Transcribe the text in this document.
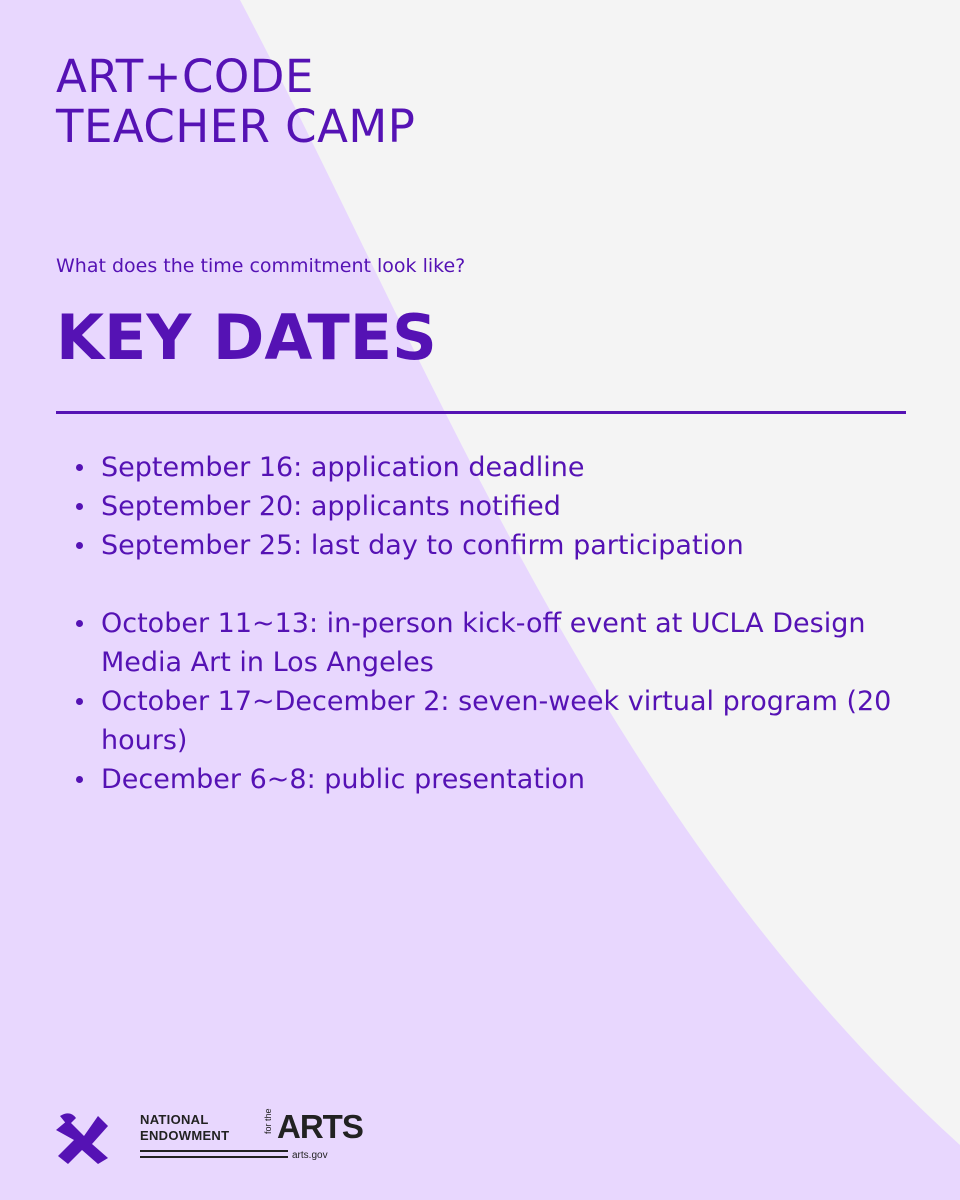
ART+CODE
TEACHER CAMP
What does the time commitment look like?
KEY DATES
September 16: application deadline
September 20: applicants notified
September 25: last day to confirm participation
October 11~13: in-person kick-off event at UCLA Design Media Art in Los Angeles
October 17~December 2: seven-week virtual program (20 hours)
December 6~8: public presentation
NATIONAL
ENDOWMENT
for the ARTS
arts.gov
